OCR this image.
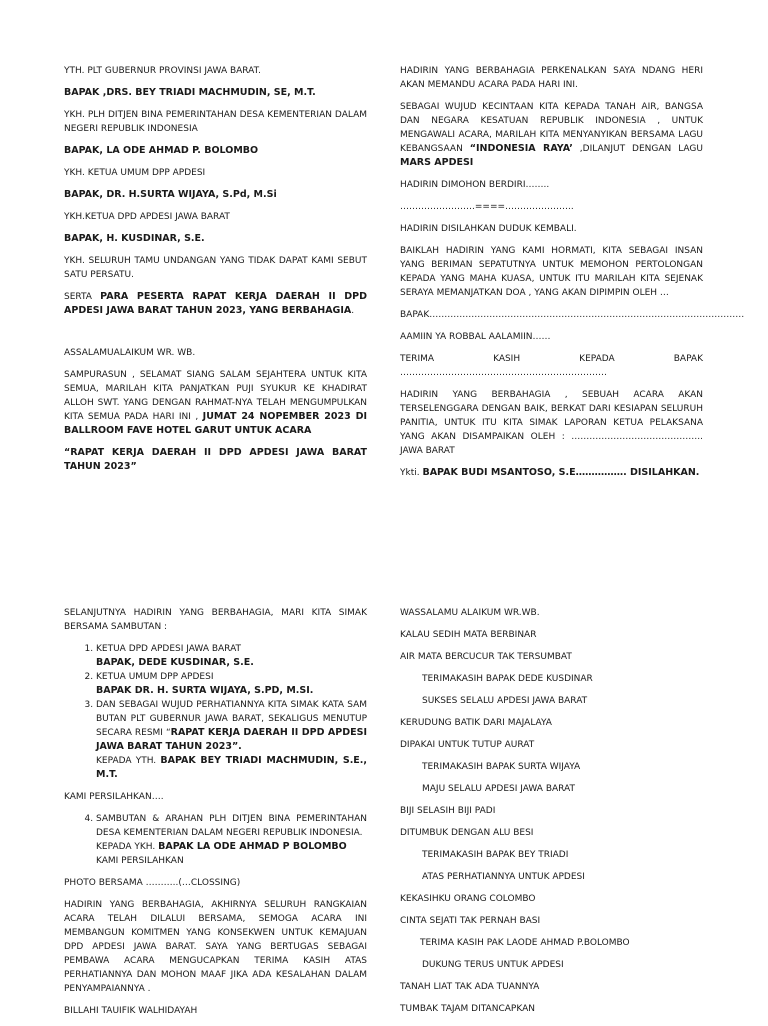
YTH. PLT GUBERNUR PROVINSI JAWA BARAT.

BAPAK ,DRS. BEY TRIADI MACHMUDIN, SE, M.T.

YKH. PLH DITJEN BINA PEMERINTAHAN DESA KEMENTERIAN DALAM NEGERI REPUBLIK INDONESIA

BAPAK, LA ODE AHMAD P. BOLOMBO

YKH. KETUA UMUM DPP APDESI

BAPAK, DR. H.SURTA WIJAYA, S.Pd, M.Si

YKH.KETUA DPD APDESI JAWA BARAT

BAPAK, H. KUSDINAR, S.E.

YKH. SELURUH TAMU UNDANGAN YANG TIDAK DAPAT KAMI SEBUT SATU PERSATU.

SERTA PARA PESERTA RAPAT KERJA DAERAH II DPD APDESI JAWA BARAT TAHUN 2023, YANG BERBAHAGIA.

ASSALAMUALAIKUM WR. WB.

SAMPURASUN , SELAMAT SIANG SALAM SEJAHTERA UNTUK KITA SEMUA, MARILAH KITA PANJATKAN PUJI SYUKUR KE KHADIRAT ALLOH SWT. YANG DENGAN RAHMAT-NYA TELAH MENGUMPULKAN KITA SEMUA PADA HARI INI , JUMAT 24 NOPEMBER 2023 DI BALLROOM FAVE HOTEL GARUT UNTUK ACARA

“RAPAT KERJA DAERAH II DPD APDESI JAWA BARAT TAHUN 2023”

HADIRIN YANG BERBAHAGIA PERKENALKAN SAYA NDANG HERI AKAN MEMANDU ACARA PADA HARI INI.

SEBAGAI WUJUD KECINTAAN KITA KEPADA TANAH AIR, BANGSA DAN NEGARA KESATUAN REPUBLIK INDONESIA , UNTUK MENGAWALI ACARA, MARILAH KITA MENYANYIKAN BERSAMA LAGU KEBANGSAAN “INDONESIA RAYA’ ,DILANJUT DENGAN LAGU MARS APDESI

HADIRIN DIMOHON BERDIRI……..

…………………….====…………………..

HADIRIN DISILAHKAN DUDUK KEMBALI.

BAIKLAH HADIRIN YANG KAMI HORMATI, KITA SEBAGAI INSAN YANG BERIMAN SEPATUTNYA UNTUK MEMOHON PERTOLONGAN KEPADA YANG MAHA KUASA, UNTUK ITU MARILAH KITA SEJENAK SERAYA MEMANJATKAN DOA , YANG AKAN DIPIMPIN OLEH …

BAPAK……………………………………………………………………………………………

AAMIIN YA ROBBAL AALAMIIN……

TERIMA KASIH KEPADA BAPAK ……………………………………………………………

HADIRIN YANG BERBAHAGIA , SEBUAH ACARA AKAN TERSELENGGARA DENGAN BAIK, BERKAT DARI KESIAPAN SELURUH PANITIA, UNTUK ITU KITA SIMAK LAPORAN KETUA PELAKSANA YANG AKAN DISAMPAIKAN OLEH : …………………………………….. JAWA BARAT

Ykti. BAPAK BUDI MSANTOSO, S.E……………. DISILAHKAN.

SELANJUTNYA HADIRIN YANG BERBAHAGIA, MARI KITA SIMAK BERSAMA SAMBUTAN :

1. KETUA DPD APDESI JAWA BARAT
BAPAK, DEDE KUSDINAR, S.E.
2. KETUA UMUM DPP APDESI
BAPAK DR. H. SURTA WIJAYA, S.PD, M.SI.
3. DAN SEBAGAI WUJUD PERHATIANNYA KITA SIMAK KATA SAM BUTAN PLT GUBERNUR JAWA BARAT, SEKALIGUS MENUTUP SECARA RESMI “RAPAT KERJA DAERAH II DPD APDESI JAWA BARAT TAHUN 2023”.
KEPADA YTH. BAPAK BEY TRIADI MACHMUDIN, S.E., M.T.

KAMI PERSILAHKAN….

4. SAMBUTAN & ARAHAN PLH DITJEN BINA PEMERINTAHAN DESA KEMENTERIAN DALAM NEGERI REPUBLIK INDONESIA.
KEPADA YKH. BAPAK LA ODE AHMAD P BOLOMBO
KAMI PERSILAHKAN

PHOTO BERSAMA ………..(…CLOSSING)

HADIRIN YANG BERBAHAGIA, AKHIRNYA SELURUH RANGKAIAN ACARA TELAH DILALUI BERSAMA, SEMOGA ACARA INI MEMBANGUN KOMITMEN YANG KONSEKWEN UNTUK KEMAJUAN DPD APDESI JAWA BARAT. SAYA YANG BERTUGAS SEBAGAI PEMBAWA ACARA MENGUCAPKAN TERIMA KASIH ATAS PERHATIANNYA DAN MOHON MAAF JIKA ADA KESALAHAN DALAM PENYAMPAIANNYA .

BILLAHI TAUIFIK WALHIDAYAH

WASSALAMU ALAIKUM WR.WB.

KALAU SEDIH MATA BERBINAR

AIR MATA BERCUCUR TAK TERSUMBAT

TERIMAKASIH BAPAK DEDE KUSDINAR

SUKSES SELALU APDESI JAWA BARAT

KERUDUNG BATIK DARI MAJALAYA

DIPAKAI UNTUK TUTUP AURAT

TERIMAKASIH BAPAK SURTA WIJAYA

MAJU SELALU APDESI JAWA BARAT

BIJI SELASIH BIJI PADI

DITUMBUK DENGAN ALU BESI

TERIMAKASIH BAPAK BEY TRIADI

ATAS PERHATIANNYA UNTUK APDESI

KEKASIHKU ORANG COLOMBO

CINTA SEJATI TAK PERNAH BASI

TERIMA KASIH PAK LAODE AHMAD P.BOLOMBO

DUKUNG TERUS UNTUK APDESI

TANAH LIAT TAK ADA TUANNYA

TUMBAK TAJAM DITANCAPKAN
